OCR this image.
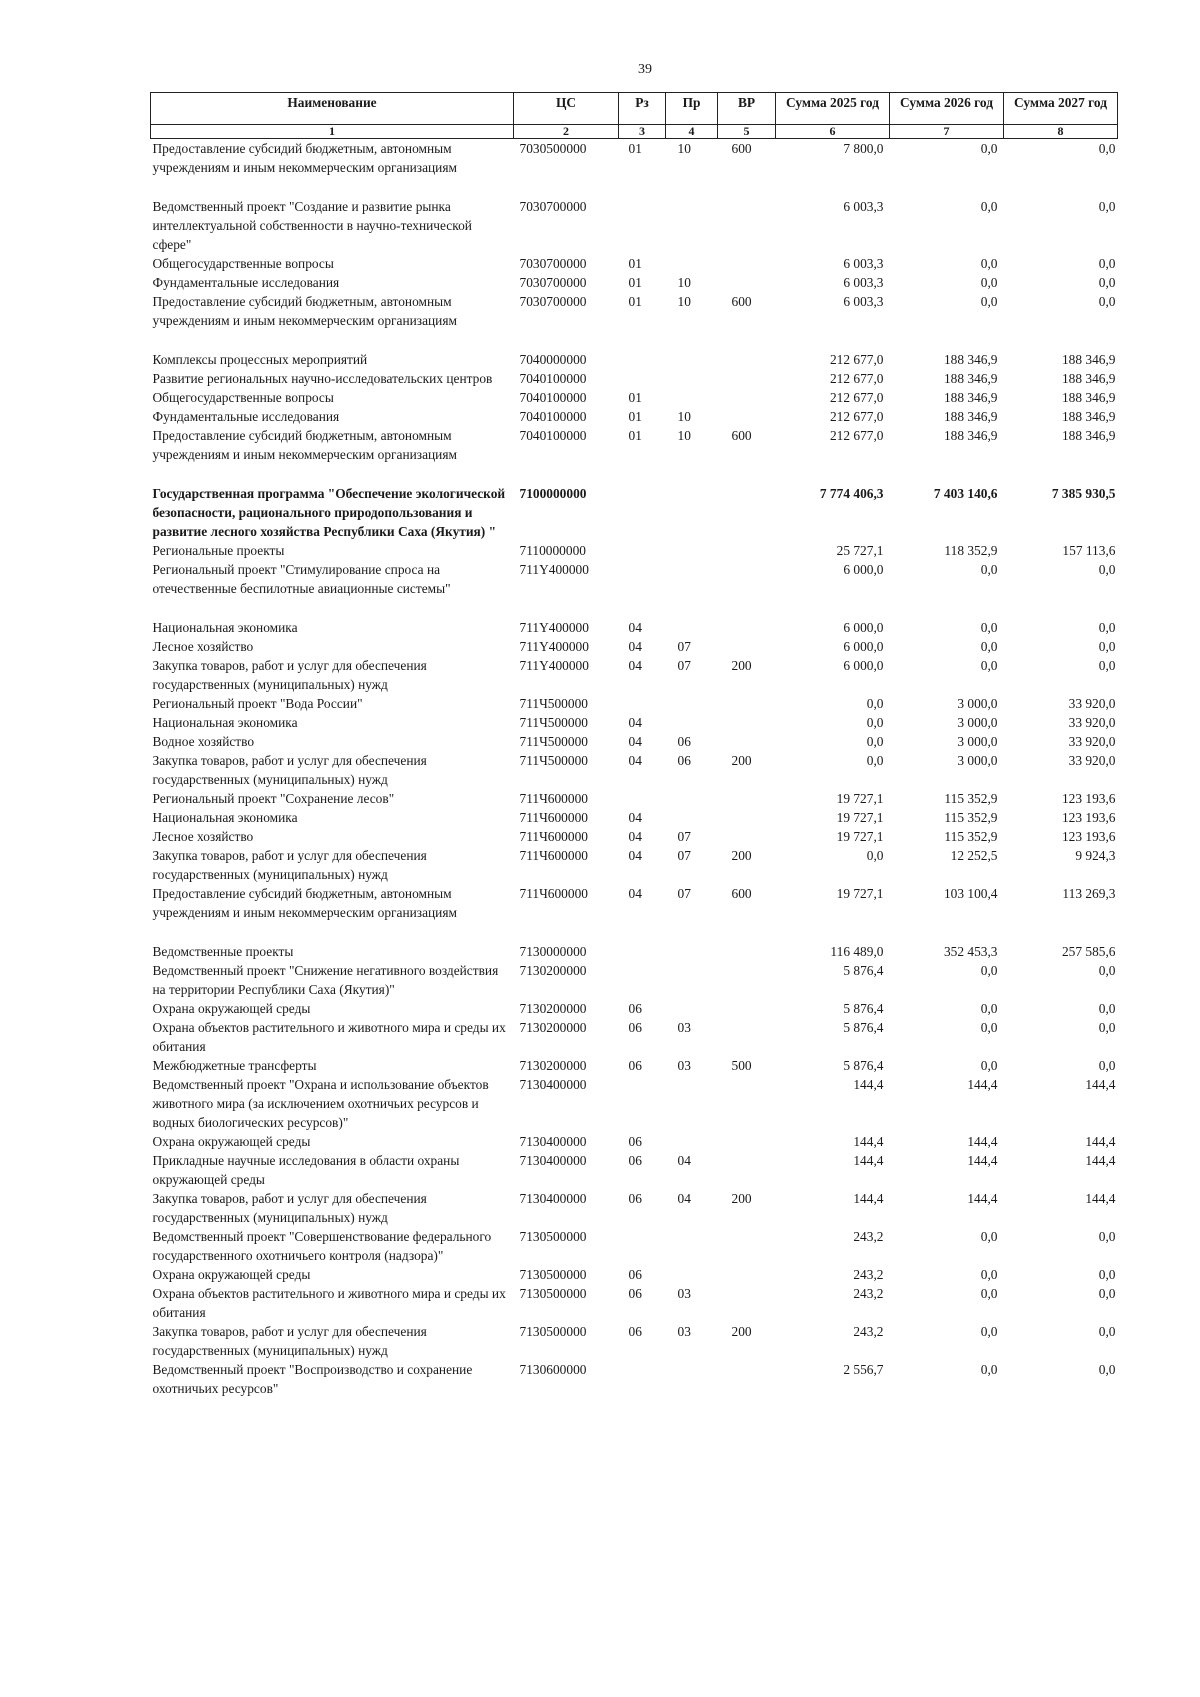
39
Наименование	ЦС	Рз	Пр	ВР	Сумма 2025 год	Сумма 2026 год	Сумма 2027 год
1	2	3	4	5	6	7	8
Предоставление субсидий бюджетным, автономным учреждениям и иным некоммерческим организациям	7030500000	01	10	600	7 800,0	0,0	0,0

Ведомственный проект "Создание и развитие рынка интеллектуальной собственности в научно-технической сфере"	7030700000				6 003,3	0,0	0,0
Общегосударственные вопросы	7030700000	01			6 003,3	0,0	0,0
Фундаментальные исследования	7030700000	01	10		6 003,3	0,0	0,0
Предоставление субсидий бюджетным, автономным учреждениям и иным некоммерческим организациям	7030700000	01	10	600	6 003,3	0,0	0,0

Комплексы процессных мероприятий	7040000000				212 677,0	188 346,9	188 346,9
Развитие региональных научно-исследовательских центров	7040100000				212 677,0	188 346,9	188 346,9
Общегосударственные вопросы	7040100000	01			212 677,0	188 346,9	188 346,9
Фундаментальные исследования	7040100000	01	10		212 677,0	188 346,9	188 346,9
Предоставление субсидий бюджетным, автономным учреждениям и иным некоммерческим организациям	7040100000	01	10	600	212 677,0	188 346,9	188 346,9

Государственная программа "Обеспечение экологической безопасности, рационального природопользования и развитие лесного хозяйства Республики Саха (Якутия) "	7100000000				7 774 406,3	7 403 140,6	7 385 930,5
Региональные проекты	7110000000				25 727,1	118 352,9	157 113,6
Региональный проект "Стимулирование спроса на отечественные беспилотные авиационные системы"	711Y400000				6 000,0	0,0	0,0

Национальная экономика	711Y400000	04			6 000,0	0,0	0,0
Лесное хозяйство	711Y400000	04	07		6 000,0	0,0	0,0
Закупка товаров, работ и услуг для обеспечения государственных (муниципальных) нужд	711Y400000	04	07	200	6 000,0	0,0	0,0
Региональный проект "Вода России"	711Ч500000				0,0	3 000,0	33 920,0
Национальная экономика	711Ч500000	04			0,0	3 000,0	33 920,0
Водное хозяйство	711Ч500000	04	06		0,0	3 000,0	33 920,0
Закупка товаров, работ и услуг для обеспечения государственных (муниципальных) нужд	711Ч500000	04	06	200	0,0	3 000,0	33 920,0
Региональный проект "Сохранение лесов"	711Ч600000				19 727,1	115 352,9	123 193,6
Национальная экономика	711Ч600000	04			19 727,1	115 352,9	123 193,6
Лесное хозяйство	711Ч600000	04	07		19 727,1	115 352,9	123 193,6
Закупка товаров, работ и услуг для обеспечения государственных (муниципальных) нужд	711Ч600000	04	07	200	0,0	12 252,5	9 924,3
Предоставление субсидий бюджетным, автономным учреждениям и иным некоммерческим организациям	711Ч600000	04	07	600	19 727,1	103 100,4	113 269,3

Ведомственные проекты	7130000000				116 489,0	352 453,3	257 585,6
Ведомственный проект "Снижение негативного воздействия на территории Республики Саха (Якутия)"	7130200000				5 876,4	0,0	0,0
Охрана окружающей среды	7130200000	06			5 876,4	0,0	0,0
Охрана объектов растительного и животного мира и среды их обитания	7130200000	06	03		5 876,4	0,0	0,0
Межбюджетные трансферты	7130200000	06	03	500	5 876,4	0,0	0,0
Ведомственный проект "Охрана и использование объектов животного мира (за исключением охотничьих ресурсов и водных биологических ресурсов)"	7130400000				144,4	144,4	144,4
Охрана окружающей среды	7130400000	06			144,4	144,4	144,4
Прикладные научные исследования в области охраны окружающей среды	7130400000	06	04		144,4	144,4	144,4
Закупка товаров, работ и услуг для обеспечения государственных (муниципальных) нужд	7130400000	06	04	200	144,4	144,4	144,4
Ведомственный проект "Совершенствование федерального государственного охотничьего контроля (надзора)"	7130500000				243,2	0,0	0,0
Охрана окружающей среды	7130500000	06			243,2	0,0	0,0
Охрана объектов растительного и животного мира и среды их обитания	7130500000	06	03		243,2	0,0	0,0
Закупка товаров, работ и услуг для обеспечения государственных (муниципальных) нужд	7130500000	06	03	200	243,2	0,0	0,0
Ведомственный проект "Воспроизводство и сохранение охотничьих ресурсов"	7130600000				2 556,7	0,0	0,0
